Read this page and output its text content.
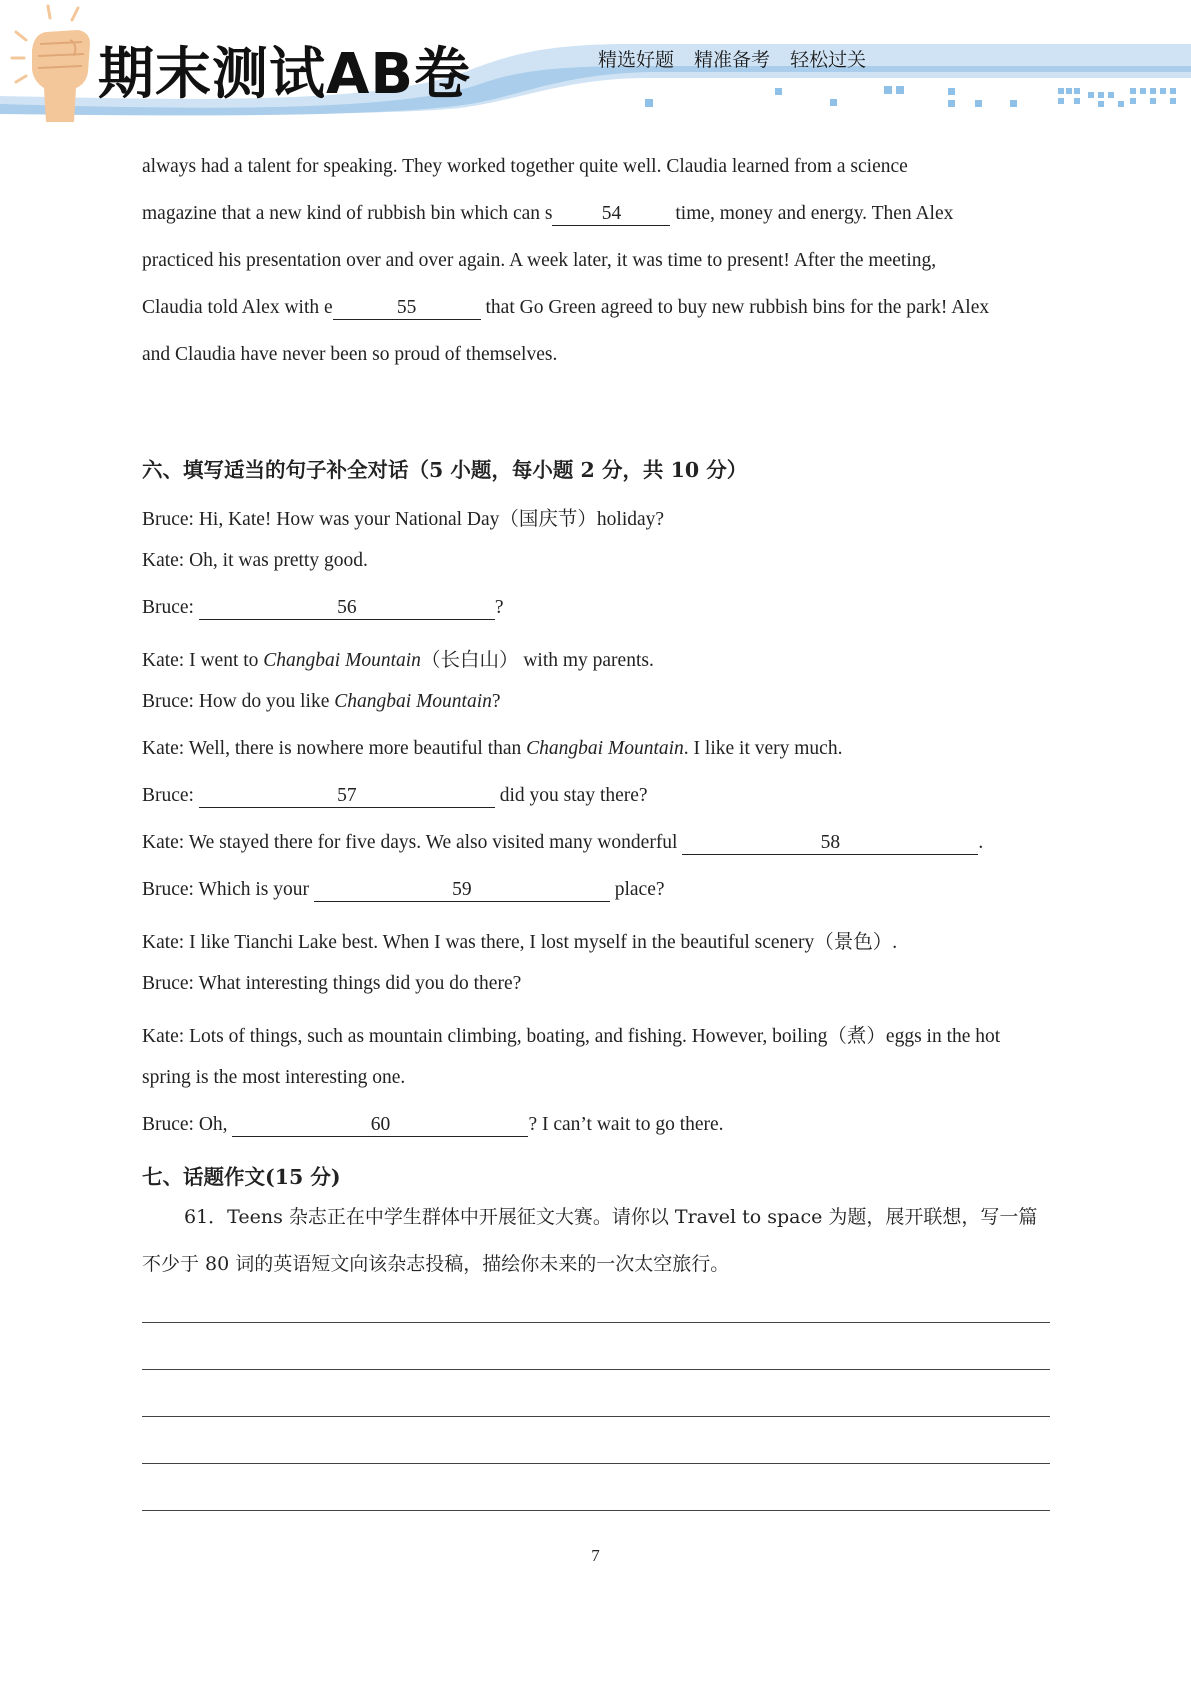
期末测试AB卷	精选好题 精准备考 轻松过关
always had a talent for speaking. They worked together quite well. Claudia learned from a science
magazine that a new kind of rubbish bin which can s	54	time, money and energy. Then Alex
practiced his presentation over and over again. A week later, it was time to present! After the meeting,
Claudia told Alex with e	55	that Go Green agreed to buy new rubbish bins for the park! Alex
and Claudia have never been so proud of themselves.
六、填写适当的句子补全对话（5 小题，每小题 2 分，共 10 分）
Bruce: Hi, Kate! How was your National Day（国庆节）holiday?
Kate: Oh, it was pretty good.
Bruce:	56	?
Kate: I went to Changbai Mountain（长白山） with my parents.
Bruce: How do you like Changbai Mountain?
Kate: Well, there is nowhere more beautiful than Changbai Mountain. I like it very much.
Bruce:	57	did you stay there?
Kate: We stayed there for five days. We also visited many wonderful	58	.
Bruce: Which is your	59	place?
Kate: I like Tianchi Lake best. When I was there, I lost myself in the beautiful scenery（景色）.
Bruce: What interesting things did you do there?
Kate: Lots of things, such as mountain climbing, boating, and fishing. However, boiling（煮）eggs in the hot
spring is the most interesting one.
Bruce: Oh,	60	? I can’t wait to go there.
七、话题作文(15 分)
61．Teens 杂志正在中学生群体中开展征文大赛。请你以 Travel to space 为题，展开联想，写一篇不少于 80 词的英语短文向该杂志投稿，描绘你未来的一次太空旅行。
7
